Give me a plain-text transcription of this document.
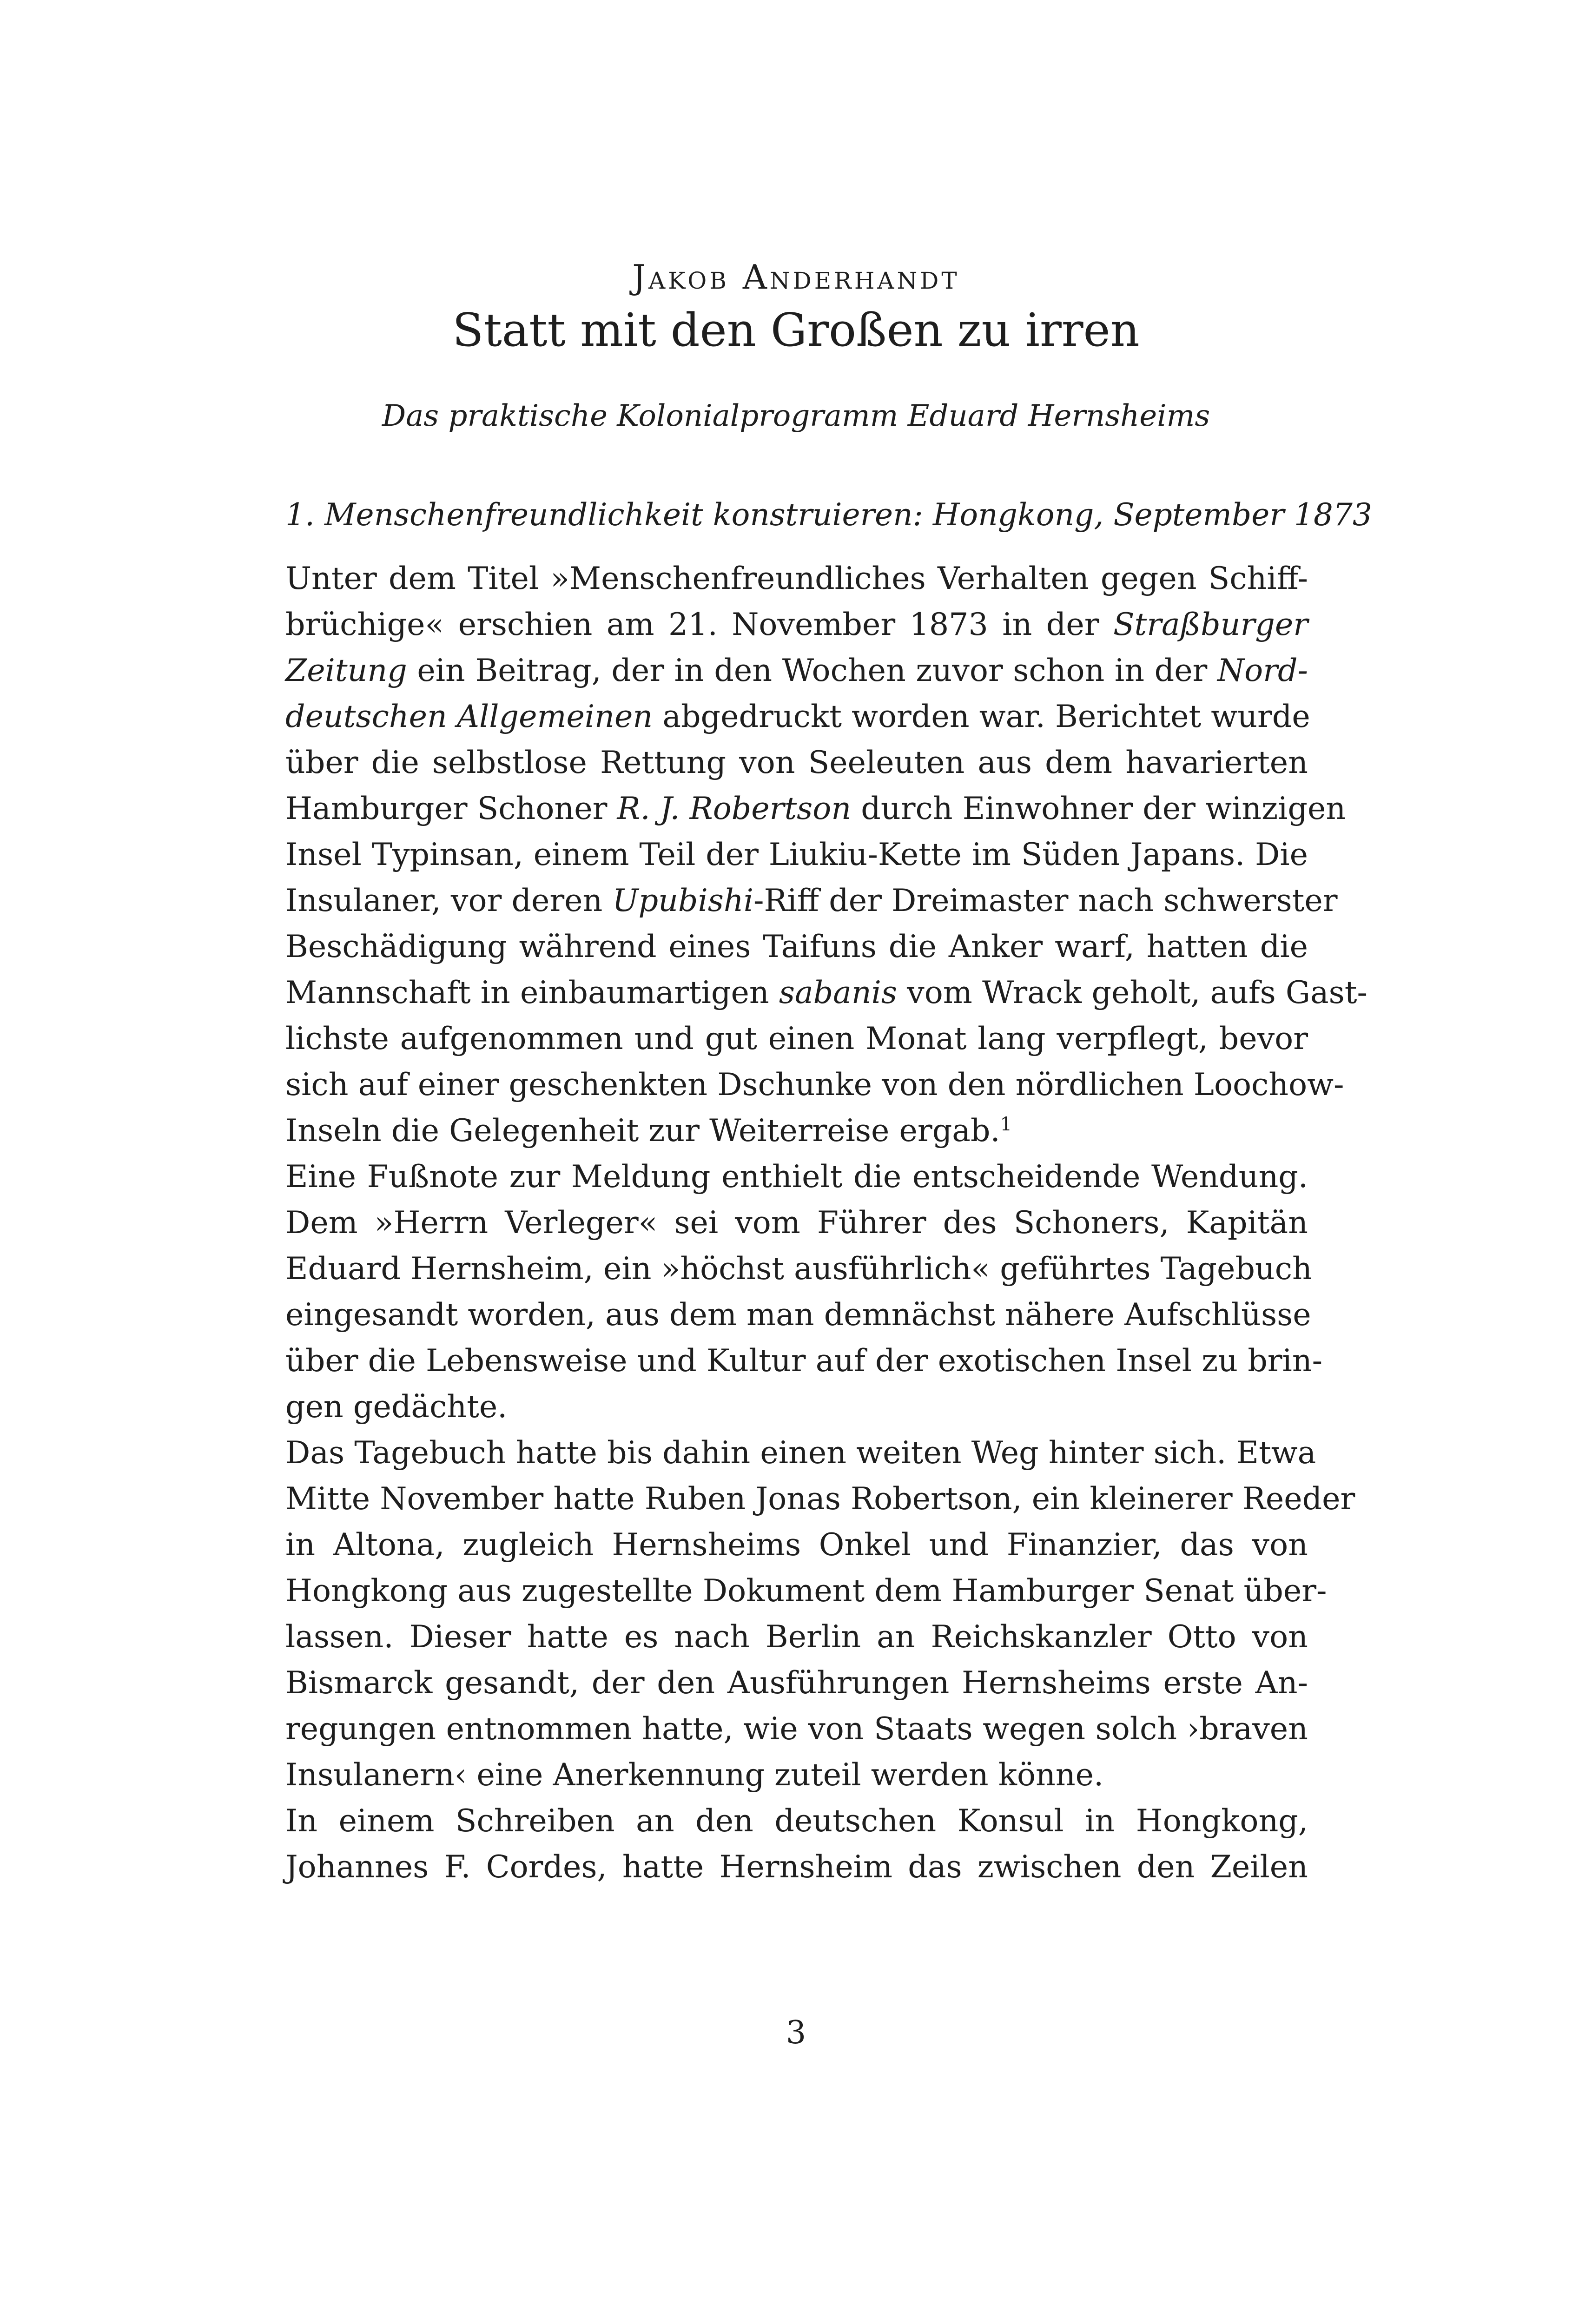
Jakob Anderhandt
Statt mit den Großen zu irren
Das praktische Kolonialprogramm Eduard Hernsheims
1. Menschenfreundlichkeit konstruieren: Hongkong, September 1873

Unter dem Titel »Menschenfreundliches Verhalten gegen Schiff-
brüchige« erschien am 21. November 1873 in der Straßburger
Zeitung ein Beitrag, der in den Wochen zuvor schon in der Nord-
deutschen Allgemeinen abgedruckt worden war. Berichtet wurde
über die selbstlose Rettung von Seeleuten aus dem havarierten
Hamburger Schoner R. J. Robertson durch Einwohner der winzigen
Insel Typinsan, einem Teil der Liukiu-Kette im Süden Japans. Die
Insulaner, vor deren Upubishi-Riff der Dreimaster nach schwerster
Beschädigung während eines Taifuns die Anker warf, hatten die
Mannschaft in einbaumartigen sabanis vom Wrack geholt, aufs Gast-
lichste aufgenommen und gut einen Monat lang verpflegt, bevor
sich auf einer geschenkten Dschunke von den nördlichen Loochow-
Inseln die Gelegenheit zur Weiterreise ergab.$^1$

Eine Fußnote zur Meldung enthielt die entscheidende Wendung.
Dem »Herrn Verleger« sei vom Führer des Schoners, Kapitän
Eduard Hernsheim, ein »höchst ausführlich« geführtes Tagebuch
eingesandt worden, aus dem man demnächst nähere Aufschlüsse
über die Lebensweise und Kultur auf der exotischen Insel zu brin-
gen gedächte.

Das Tagebuch hatte bis dahin einen weiten Weg hinter sich. Etwa
Mitte November hatte Ruben Jonas Robertson, ein kleinerer Reeder
in Altona, zugleich Hernsheims Onkel und Finanzier, das von
Hongkong aus zugestellte Dokument dem Hamburger Senat über-
lassen. Dieser hatte es nach Berlin an Reichskanzler Otto von
Bismarck gesandt, der den Ausführungen Hernsheims erste An-
regungen entnommen hatte, wie von Staats wegen solch ›braven
Insulanern‹ eine Anerkennung zuteil werden könne.

In einem Schreiben an den deutschen Konsul in Hongkong,
Johannes F. Cordes, hatte Hernsheim das zwischen den Zeilen

3
